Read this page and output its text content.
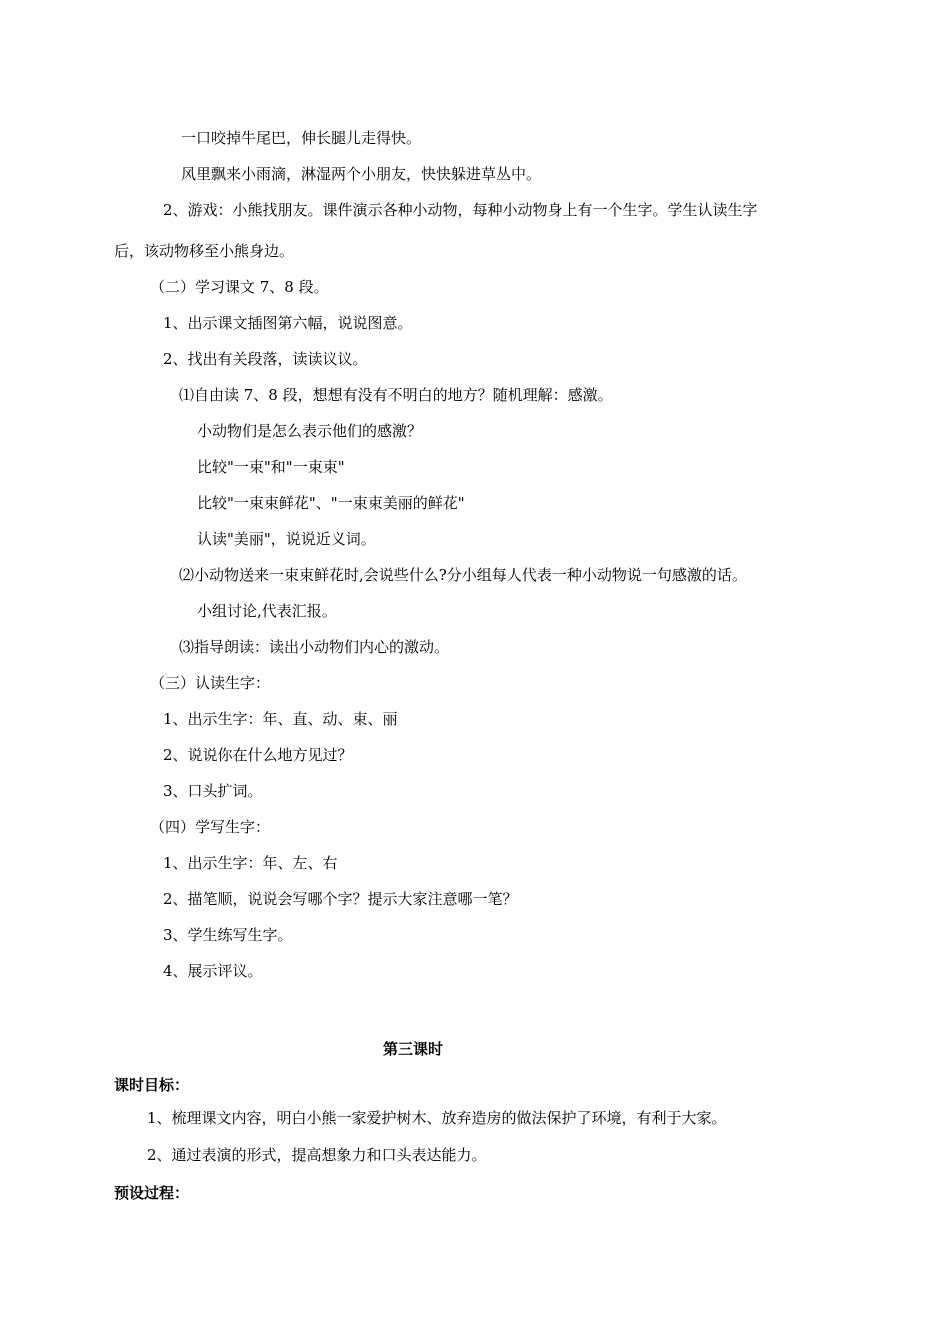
一口咬掉牛尾巴，伸长腿儿走得快。
风里飘来小雨滴，淋湿两个小朋友，快快躲进草丛中。
2、游戏：小熊找朋友。课件演示各种小动物，每种小动物身上有一个生字。学生认读生字
后，该动物移至小熊身边。
（二）学习课文 7、8 段。
1、出示课文插图第六幅，说说图意。
2、找出有关段落，读读议议。
⑴自由读 7、8 段，想想有没有不明白的地方？随机理解：感激。
小动物们是怎么表示他们的感激？
比较"一束"和"一束束"
比较"一束束鲜花"、"一束束美丽的鲜花"
认读"美丽"，说说近义词。
⑵小动物送来一束束鲜花时,会说些什么?分小组每人代表一种小动物说一句感激的话。
小组讨论,代表汇报。
⑶指导朗读：读出小动物们内心的激动。
（三）认读生字：
1、出示生字：年、直、动、束、丽
2、说说你在什么地方见过？
3、口头扩词。
（四）学写生字：
1、出示生字：年、左、右
2、描笔顺，说说会写哪个字？提示大家注意哪一笔？
3、学生练写生字。
4、展示评议。
第三课时
课时目标：
1、梳理课文内容，明白小熊一家爱护树木、放弃造房的做法保护了环境，有利于大家。
2、通过表演的形式，提高想象力和口头表达能力。
预设过程：
